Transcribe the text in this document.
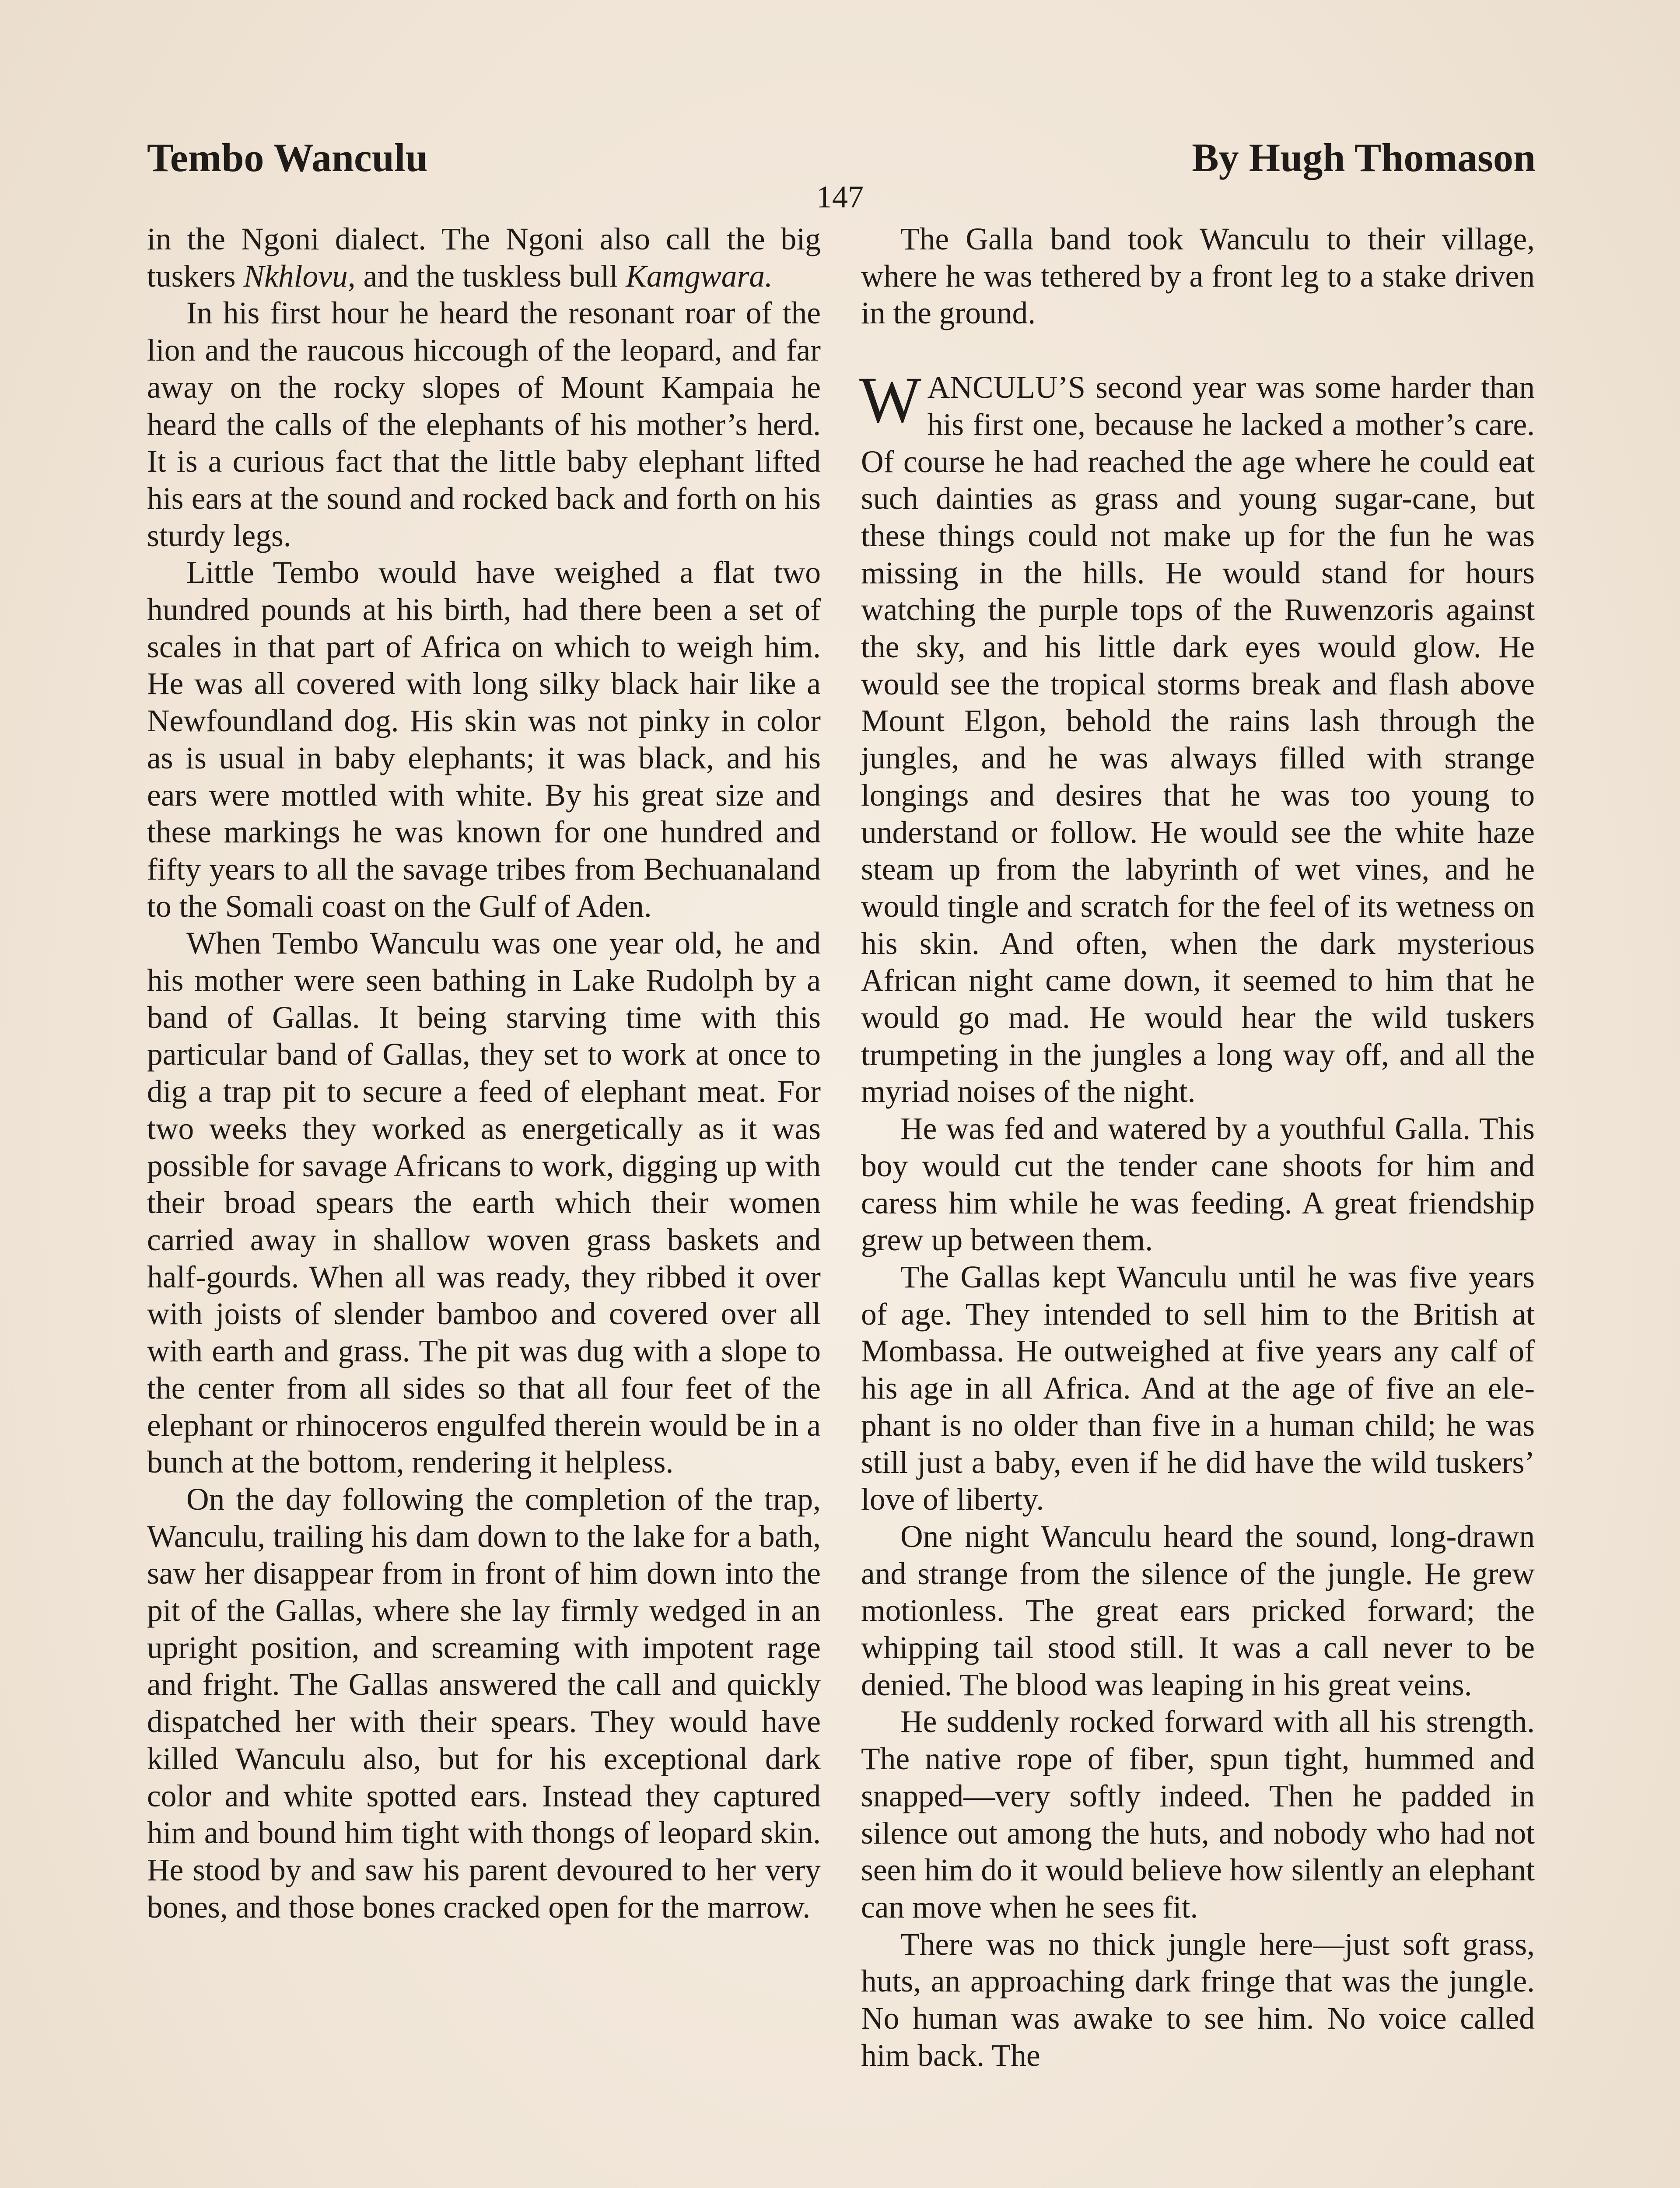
Tembo Wanculu	By Hugh Thomason
147

in the Ngoni dialect. The Ngoni also call the big tuskers Nkhlovu, and the tuskless bull Kamgwara.

In his first hour he heard the resonant roar of the lion and the raucous hiccough of the leopard, and far away on the rocky slopes of Mount Kampaia he heard the calls of the elephants of his mother’s herd. It is a curious fact that the little baby elephant lifted his ears at the sound and rocked back and forth on his sturdy legs.

Little Tembo would have weighed a flat two hundred pounds at his birth, had there been a set of scales in that part of Africa on which to weigh him. He was all covered with long silky black hair like a Newfoundland dog. His skin was not pinky in color as is usual in baby elephants; it was black, and his ears were mottled with white. By his great size and these markings he was known for one hundred and fifty years to all the savage tribes from Bechuanaland to the Somali coast on the Gulf of Aden.

When Tembo Wanculu was one year old, he and his mother were seen bathing in Lake Rudolph by a band of Gallas. It being starving time with this particular band of Gallas, they set to work at once to dig a trap pit to secure a feed of elephant meat. For two weeks they worked as energetically as it was possible for savage Africans to work, digging up with their broad spears the earth which their women carried away in shallow woven grass baskets and half-gourds. When all was ready, they ribbed it over with joists of slender bamboo and covered over all with earth and grass. The pit was dug with a slope to the center from all sides so that all four feet of the elephant or rhinoceros engulfed therein would be in a bunch at the bottom, rendering it helpless.

On the day following the completion of the trap, Wanculu, trailing his dam down to the lake for a bath, saw her disappear from in front of him down into the pit of the Gallas, where she lay firmly wedged in an upright position, and screaming with impotent rage and fright. The Gallas answered the call and quickly dispatched her with their spears. They would have killed Wanculu also, but for his exceptional dark color and white spotted ears. Instead they captured him and bound him tight with thongs of leopard skin. He stood by and saw his parent devoured to her very bones, and those bones cracked open for the marrow.

The Galla band took Wanculu to their village, where he was tethered by a front leg to a stake driven in the ground.

WANCULU’S second year was some harder than his first one, because he lacked a mother’s care. Of course he had reached the age where he could eat such dainties as grass and young sugar-cane, but these things could not make up for the fun he was missing in the hills. He would stand for hours watching the purple tops of the Ruwenzoris against the sky, and his little dark eyes would glow. He would see the tropical storms break and flash above Mount Elgon, behold the rains lash through the jungles, and he was always filled with strange longings and desires that he was too young to understand or follow. He would see the white haze steam up from the labyrinth of wet vines, and he would tingle and scratch for the feel of its wetness on his skin. And often, when the dark mysterious African night came down, it seemed to him that he would go mad. He would hear the wild tuskers trumpeting in the jungles a long way off, and all the myriad noises of the night.

He was fed and watered by a youthful Galla. This boy would cut the tender cane shoots for him and caress him while he was feeding. A great friendship grew up between them.

The Gallas kept Wanculu until he was five years of age. They intended to sell him to the British at Mombassa. He outweighed at five years any calf of his age in all Africa. And at the age of five an elephant is no older than five in a human child; he was still just a baby, even if he did have the wild tuskers’ love of liberty.

One night Wanculu heard the sound, long-drawn and strange from the silence of the jungle. He grew motionless. The great ears pricked forward; the whipping tail stood still. It was a call never to be denied. The blood was leaping in his great veins.

He suddenly rocked forward with all his strength. The native rope of fiber, spun tight, hummed and snapped—very softly indeed. Then he padded in silence out among the huts, and nobody who had not seen him do it would believe how silently an elephant can move when he sees fit.

There was no thick jungle here—just soft grass, huts, an approaching dark fringe that was the jungle. No human was awake to see him. No voice called him back. The
